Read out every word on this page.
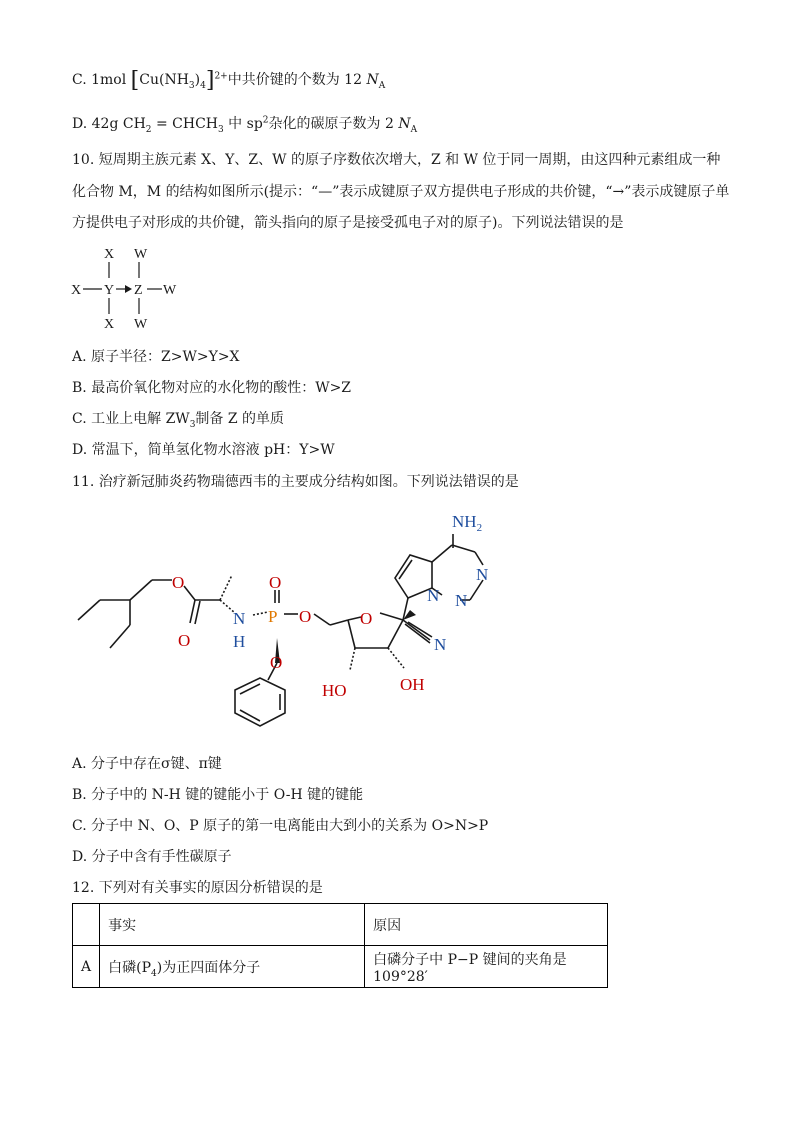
C. 1mol $[Cu(NH_3)_4]^{2+}$中共价键的个数为 12 $N_A$
D. 42g $CH_2$ = $CHCH_3$ 中 $sp^2$杂化的碳原子数为 2 $N_A$
10. 短周期主族元素 X、Y、Z、W 的原子序数依次增大，Z 和 W 位于同一周期，由这四种元素组成一种
化合物 M，M 的结构如图所示(提示：“—”表示成键原子双方提供电子形成的共价键，“→”表示成键原子单
方提供电子对形成的共价键，箭头指向的原子是接受孤电子对的原子)。下列说法错误的是
X W
X Y Z W
X W
A. 原子半径：Z>W>Y>X
B. 最高价氧化物对应的水化物的酸性：W>Z
C. 工业上电解 $ZW_3$制备 Z 的单质
D. 常温下，简单氢化物水溶液 pH：Y>W
11. 治疗新冠肺炎药物瑞德西韦的主要成分结构如图。下列说法错误的是
$NH_2$
O
O
N
H
P
O
O
O
O
N
N N
N
HO	OH
A. 分子中存在σ键、π键
B. 分子中的 N-H 键的键能小于 O-H 键的键能
C. 分子中 N、O、P 原子的第一电离能由大到小的关系为 O>N>P
D. 分子中含有手性碳原子
12. 下列对有关事实的原因分析错误的是
	事实	原因
A	白磷$(P_4)$为正四面体分子	白磷分子中 P−P 键间的夹角是 109°28′
